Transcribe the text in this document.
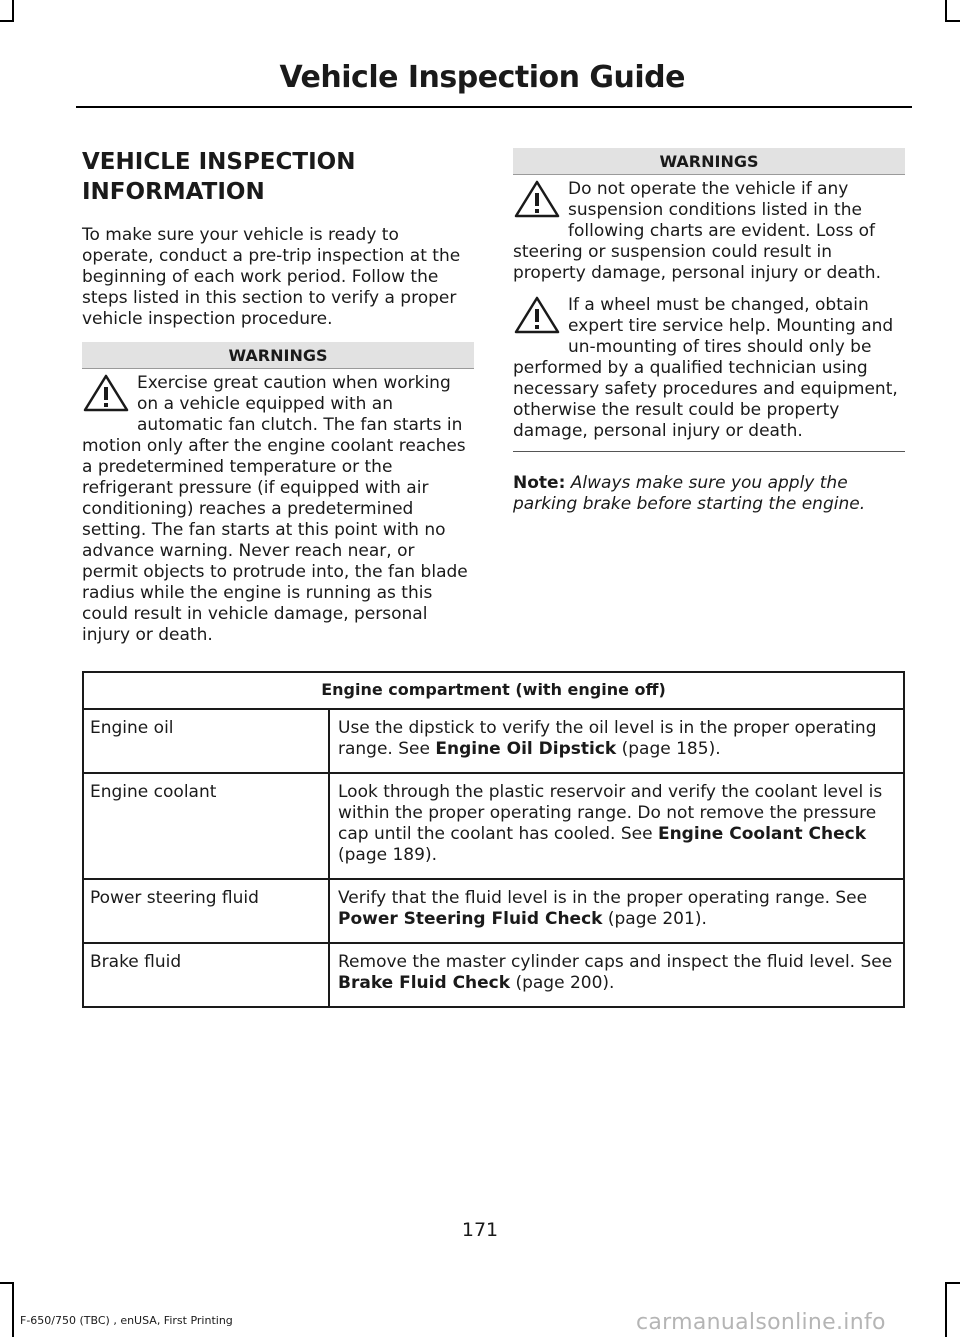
Vehicle Inspection Guide
VEHICLE INSPECTION INFORMATION

To make sure your vehicle is ready to operate, conduct a pre-trip inspection at the beginning of each work period. Follow the steps listed in this section to verify a proper vehicle inspection procedure.

WARNINGS
Exercise great caution when working on a vehicle equipped with an automatic fan clutch. The fan starts in motion only after the engine coolant reaches a predetermined temperature or the refrigerant pressure (if equipped with air conditioning) reaches a predetermined setting. The fan starts at this point with no advance warning. Never reach near, or permit objects to protrude into, the fan blade radius while the engine is running as this could result in vehicle damage, personal injury or death.
WARNINGS
Do not operate the vehicle if any suspension conditions listed in the following charts are evident. Loss of steering or suspension could result in property damage, personal injury or death.
If a wheel must be changed, obtain expert tire service help. Mounting and un-mounting of tires should only be performed by a qualified technician using necessary safety procedures and equipment, otherwise the result could be property damage, personal injury or death.

Note: Always make sure you apply the parking brake before starting the engine.

Engine compartment (with engine off)	
Engine oil	Use the dipstick to verify the oil level is in the proper operating range. See Engine Oil Dipstick (page 185).
Engine coolant	Look through the plastic reservoir and verify the coolant level is within the proper operating range. Do not remove the pressure cap until the coolant has cooled. See Engine Coolant Check (page 189).
Power steering fluid	Verify that the fluid level is in the proper operating range. See Power Steering Fluid Check (page 201).
Brake fluid	Remove the master cylinder caps and inspect the fluid level. See Brake Fluid Check (page 200).
171
F-650/750 (TBC) , enUSA, First Printing	carmanualsonline.info
